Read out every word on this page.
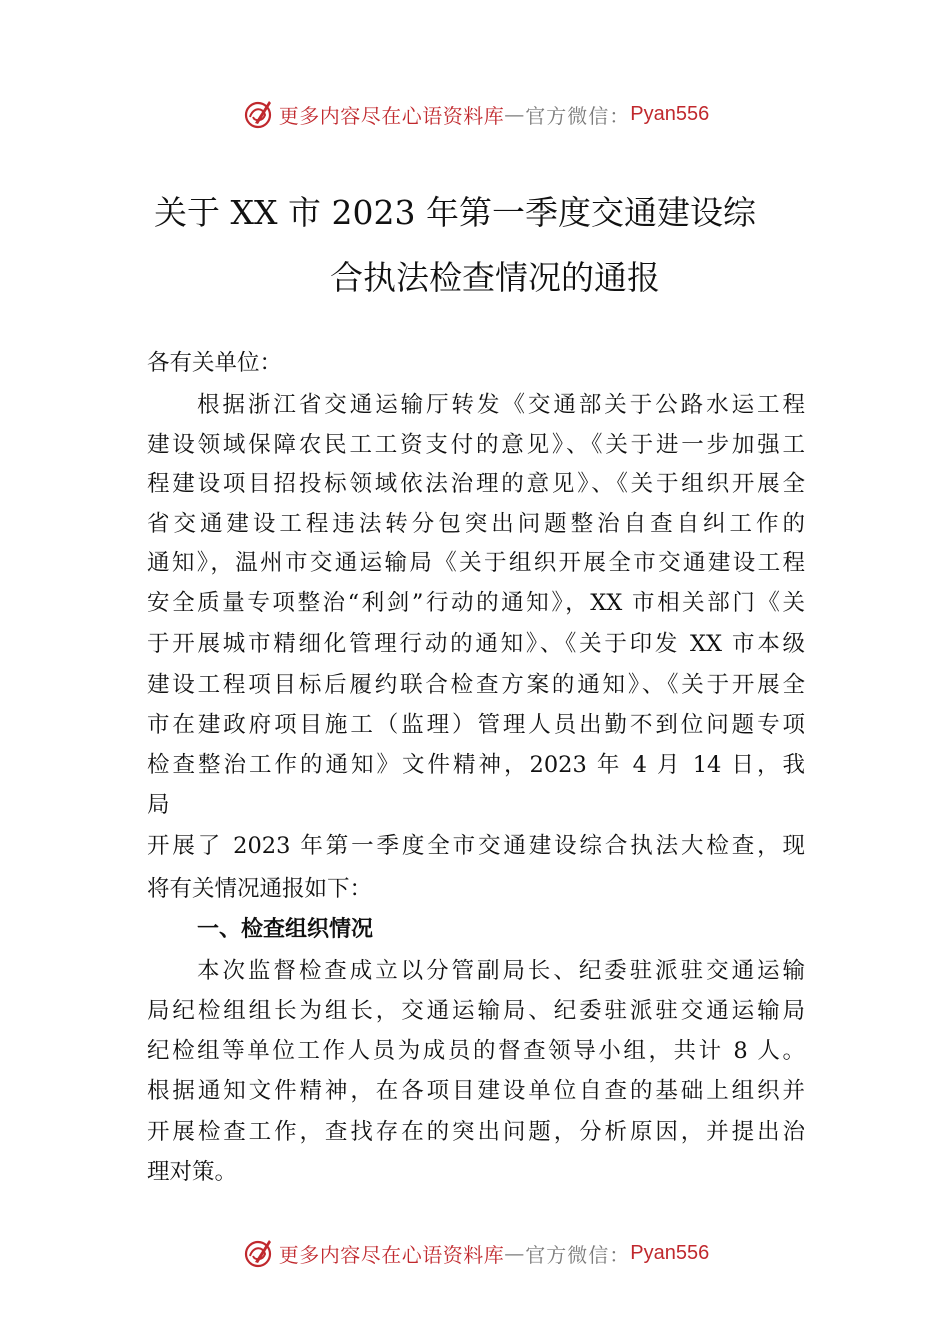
更多内容尽在心语资料库 — 官方微信： Pyan556
关于 XX 市 2023 年第一季度交通建设综
合执法检查情况的通报
各有关单位：
根据浙江省交通运输厅转发《交通部关于公路水运工程
建设领域保障农民工工资支付的意见》、《关于进一步加强工
程建设项目招投标领域依法治理的意见》、《关于组织开展全
省交通建设工程违法转分包突出问题整治自查自纠工作的
通知》，温州市交通运输局《关于组织开展全市交通建设工程
安全质量专项整治“利剑”行动的通知》，XX 市相关部门《关
于开展城市精细化管理行动的通知》、《关于印发 XX 市本级
建设工程项目标后履约联合检查方案的通知》、《关于开展全
市在建政府项目施工（监理）管理人员出勤不到位问题专项
检查整治工作的通知》文件精神，2023 年 4 月 14 日，我
局
开展了 2023 年第一季度全市交通建设综合执法大检查，现
将有关情况通报如下：
一、检查组织情况
本次监督检查成立以分管副局长、纪委驻派驻交通运输
局纪检组组长为组长，交通运输局、纪委驻派驻交通运输局
纪检组等单位工作人员为成员的督查领导小组，共计 8 人。
根据通知文件精神，在各项目建设单位自查的基础上组织并
开展检查工作，查找存在的突出问题，分析原因，并提出治
理对策。
更多内容尽在心语资料库 — 官方微信： Pyan556
